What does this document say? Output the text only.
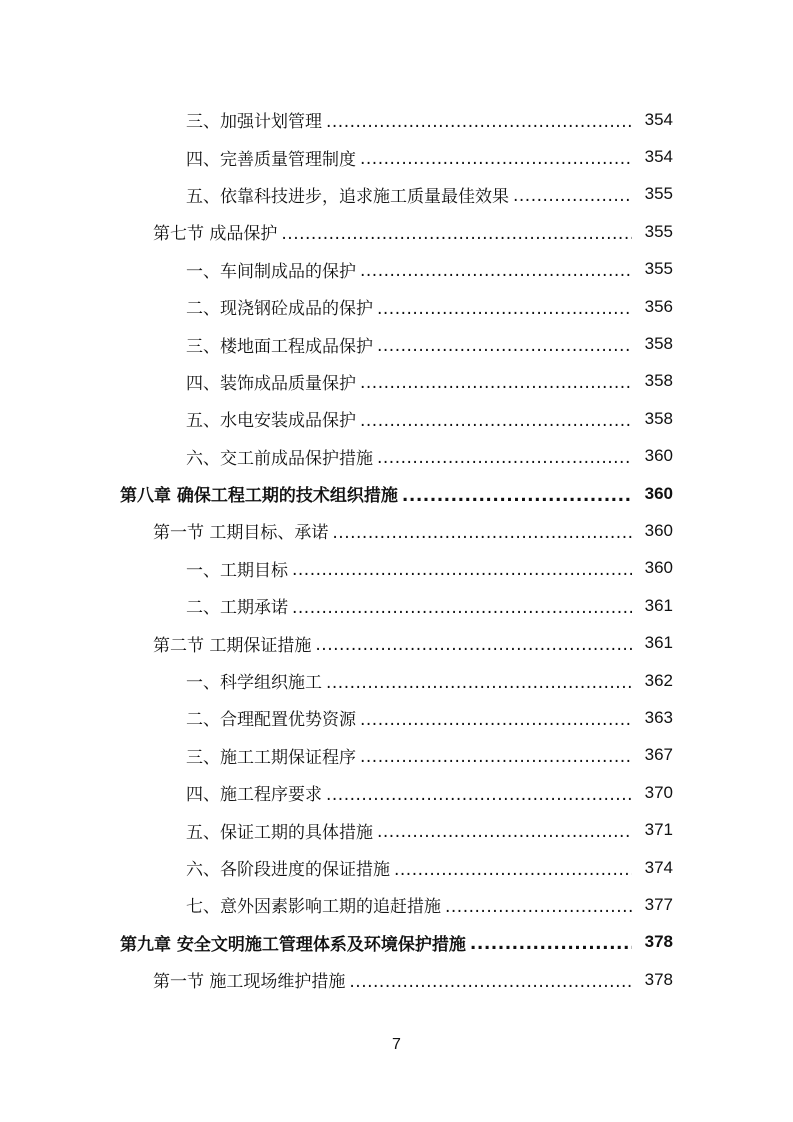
三、加强计划管理 .....	354
四、完善质量管理制度 .....	354
五、依靠科技进步，追求施工质量最佳效果 .....	355
第七节 成品保护 .....	355
一、车间制成品的保护 .....	355
二、现浇钢砼成品的保护 .....	356
三、楼地面工程成品保护 .....	358
四、装饰成品质量保护 .....	358
五、水电安装成品保护 .....	358
六、交工前成品保护措施 .....	360
第八章 确保工程工期的技术组织措施 .....	360
第一节 工期目标、承诺 .....	360
一、工期目标 .....	360
二、工期承诺 .....	361
第二节 工期保证措施 .....	361
一、科学组织施工 .....	362
二、合理配置优势资源 .....	363
三、施工工期保证程序 .....	367
四、施工程序要求 .....	370
五、保证工期的具体措施 .....	371
六、各阶段进度的保证措施 .....	374
七、意外因素影响工期的追赶措施 .....	377
第九章 安全文明施工管理体系及环境保护措施 .....	378
第一节 施工现场维护措施 .....	378
7
